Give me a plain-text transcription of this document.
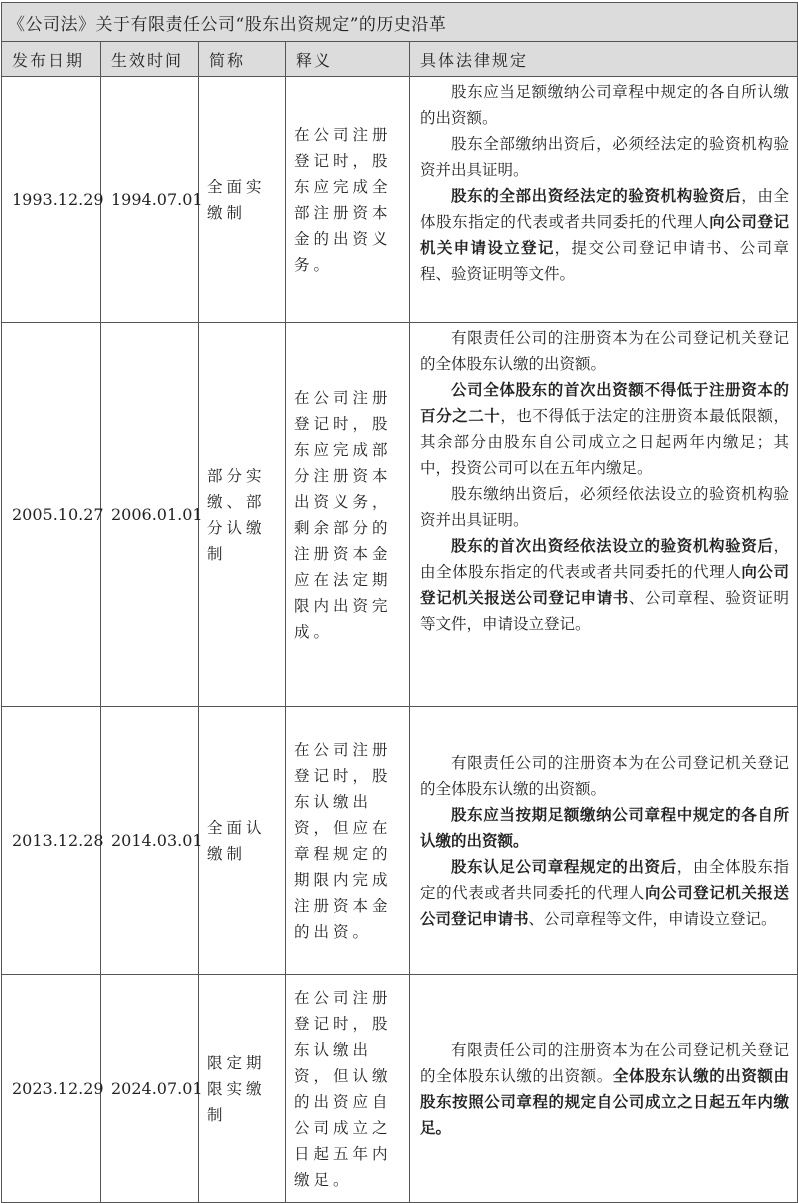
《公司法》关于有限责任公司“股东出资规定”的历史沿革				
发布日期	生效时间	简称	释义	具体法律规定
1993.12.29	1994.07.01	全面实缴制	在公司注册登记时，股东应完成全部注册资本金的出资义务。	股东应当足额缴纳公司章程中规定的各自所认缴的出资额。

股东全部缴纳出资后，必须经法定的验资机构验资并出具证明。

股东的全部出资经法定的验资机构验资后，由全体股东指定的代表或者共同委托的代理人向公司登记机关申请设立登记，提交公司登记申请书、公司章程、验资证明等文件。

2005.10.27	2006.01.01	部分实缴、部分认缴制	在公司注册登记时，股东应完成部分注册资本出资义务，剩余部分的注册资本金应在法定期限内出资完成。	有限责任公司的注册资本为在公司登记机关登记的全体股东认缴的出资额。

公司全体股东的首次出资额不得低于注册资本的百分之二十，也不得低于法定的注册资本最低限额，其余部分由股东自公司成立之日起两年内缴足；其中，投资公司可以在五年内缴足。

股东缴纳出资后，必须经依法设立的验资机构验资并出具证明。

股东的首次出资经依法设立的验资机构验资后，由全体股东指定的代表或者共同委托的代理人向公司登记机关报送公司登记申请书、公司章程、验资证明等文件，申请设立登记。

2013.12.28	2014.03.01	全面认缴制	在公司注册登记时，股东认缴出资，但应在章程规定的期限内完成注册资本金的出资。	有限责任公司的注册资本为在公司登记机关登记的全体股东认缴的出资额。

股东应当按期足额缴纳公司章程中规定的各自所认缴的出资额。

股东认足公司章程规定的出资后，由全体股东指定的代表或者共同委托的代理人向公司登记机关报送公司登记申请书、公司章程等文件，申请设立登记。

2023.12.29	2024.07.01	限定期限实缴制	在公司注册登记时，股东认缴出资，但认缴的出资应自公司成立之日起五年内缴足。	有限责任公司的注册资本为在公司登记机关登记的全体股东认缴的出资额。全体股东认缴的出资额由股东按照公司章程的规定自公司成立之日起五年内缴足。
